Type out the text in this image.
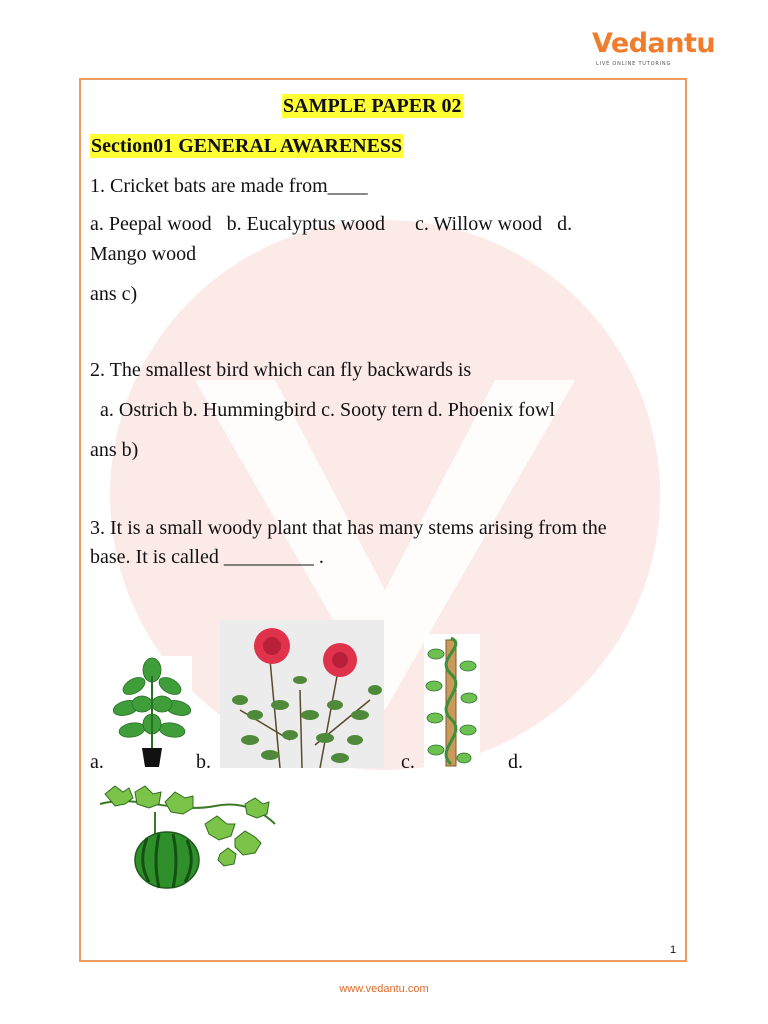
Vedantu
LIVE ONLINE TUTORING
SAMPLE PAPER 02
Section01 GENERAL AWARENESS
1. Cricket bats are made from____
a. Peepal wood   b. Eucalyptus wood      c. Willow wood   d.
Mango wood
ans c)
2. The smallest bird which can fly backwards is
a. Ostrich b. Hummingbird c. Sooty tern d. Phoenix fowl
ans b)
3. It is a small woody plant that has many stems arising from the
base. It is called _________ .
a.	b.	c.	d.
1
www.vedantu.com
